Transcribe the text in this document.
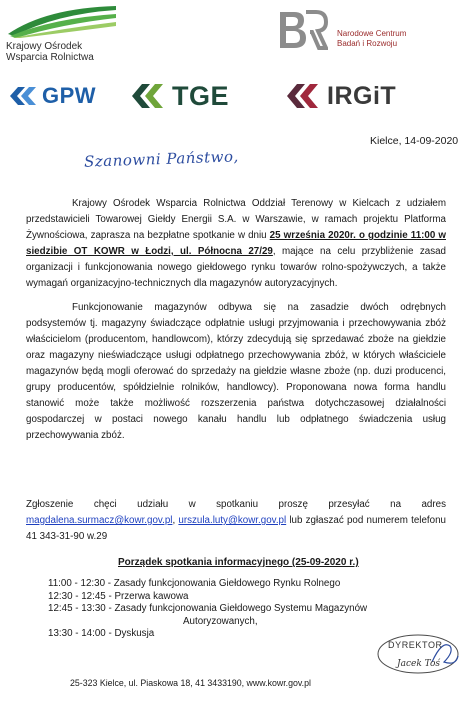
Krajowy Ośrodek
Wsparcia Rolnictwa
Narodowe Centrum
Badań i Rozwoju
GPW	TGE	IRGiT
Kielce, 14-09-2020
Szanowni Państwo,
Krajowy Ośrodek Wsparcia Rolnictwa Oddział Terenowy w Kielcach z udziałem przedstawicieli Towarowej Giełdy Energii S.A. w Warszawie, w ramach projektu Platforma Żywnościowa, zaprasza na bezpłatne spotkanie w dniu 25 września 2020r. o godzinie 11:00 w siedzibie OT KOWR w Łodzi, ul. Północna 27/29, mające na celu przybliżenie zasad organizacji i funkcjonowania nowego giełdowego rynku towarów rolno-spożywczych, a także wymagań organizacyjno-technicznych dla magazynów autoryzacyjnych.
Funkcjonowanie magazynów odbywa się na zasadzie dwóch odrębnych podsystemów tj. magazyny świadczące odpłatnie usługi przyjmowania i przechowywania zbóż właścicielom (producentom, handlowcom), którzy zdecydują się sprzedawać zboże na giełdzie oraz magazyny nieświadczące usługi odpłatnego przechowywania zbóż, w których właściciele magazynów będą mogli oferować do sprzedaży na giełdzie własne zboże (np. duzi producenci, grupy producentów, spółdzielnie rolników, handlowcy). Proponowana nowa forma handlu stanowić może także możliwość rozszerzenia państwa dotychczasowej działalności gospodarczej w postaci nowego kanału handlu lub odpłatnego świadczenia usług przechowywania zbóż.
Zgłoszenie chęci udziału w spotkaniu proszę przesyłać na adres magdalena.surmacz@kowr.gov.pl, urszula.luty@kowr.gov.pl lub zgłaszać pod numerem telefonu 41 343-31-90 w.29
Porządek spotkania informacyjnego (25-09-2020 r.)
11:00 - 12:30 - Zasady funkcjonowania Giełdowego Rynku Rolnego
12:30 - 12:45 - Przerwa kawowa
12:45 - 13:30 - Zasady funkcjonowania Giełdowego Systemu Magazynów
Autoryzowanych,
13:30 - 14:00 - Dyskusja
DYREKTOR
Jacek Toś
25-323 Kielce, ul. Piaskowa 18, 41 3433190, www.kowr.gov.pl
